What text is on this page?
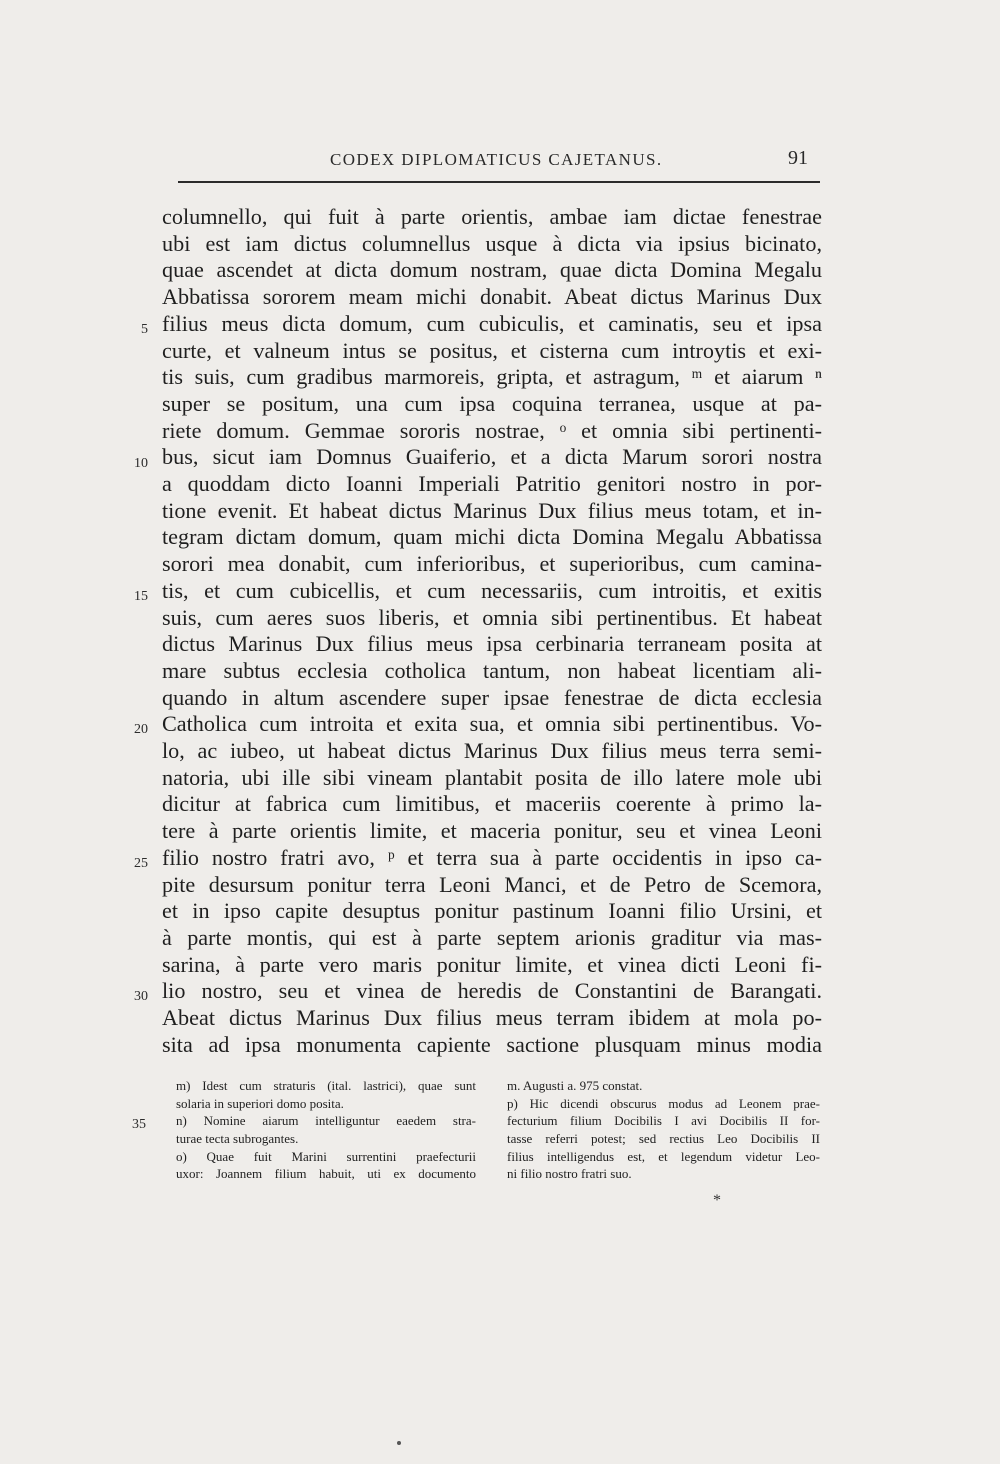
CODEX DIPLOMATICUS CAJETANUS.	91
5
10
15
20
25
30
columnello, qui fuit à parte orientis, ambae iam dictae fenestrae
ubi est iam dictus columnellus usque à dicta via ipsius bicinato,
quae ascendet at dicta domum nostram, quae dicta Domina Megalu
Abbatissa sororem meam michi donabit. Abeat dictus Marinus Dux
filius meus dicta domum, cum cubiculis, et caminatis, seu et ipsa
curte, et valneum intus se positus, et cisterna cum introytis et exi-
tis suis, cum gradibus marmoreis, gripta, et astragum, ᵐ et aiarum ⁿ
super se positum, una cum ipsa coquina terranea, usque at pa-
riete domum. Gemmae sororis nostrae, ᵒ et omnia sibi pertinenti-
bus, sicut iam Domnus Guaiferio, et a dicta Marum sorori nostra
a quoddam dicto Ioanni Imperiali Patritio genitori nostro in por-
tione evenit. Et habeat dictus Marinus Dux filius meus totam, et in-
tegram dictam domum, quam michi dicta Domina Megalu Abbatissa
sorori mea donabit, cum inferioribus, et superioribus, cum camina-
tis, et cum cubicellis, et cum necessariis, cum introitis, et exitis
suis, cum aeres suos liberis, et omnia sibi pertinentibus. Et habeat
dictus Marinus Dux filius meus ipsa cerbinaria terraneam posita at
mare subtus ecclesia cotholica tantum, non habeat licentiam ali-
quando in altum ascendere super ipsae fenestrae de dicta ecclesia
Catholica cum introita et exita sua, et omnia sibi pertinentibus. Vo-
lo, ac iubeo, ut habeat dictus Marinus Dux filius meus terra semi-
natoria, ubi ille sibi vineam plantabit posita de illo latere mole ubi
dicitur at fabrica cum limitibus, et maceriis coerente à primo la-
tere à parte orientis limite, et maceria ponitur, seu et vinea Leoni
filio nostro fratri avo, ᵖ et terra sua à parte occidentis in ipso ca-
pite desursum ponitur terra Leoni Manci, et de Petro de Scemora,
et in ipso capite desuptus ponitur pastinum Ioanni filio Ursini, et
à parte montis, qui est à parte septem arionis graditur via mas-
sarina, à parte vero maris ponitur limite, et vinea dicti Leoni fi-
lio nostro, seu et vinea de heredis de Constantini de Barangati.
Abeat dictus Marinus Dux filius meus terram ibidem at mola po-
sita ad ipsa monumenta capiente sactione plusquam minus modia
35
m) Idest cum straturis (ital. lastrici), quae sunt
solaria in superiori domo posita.
n) Nomine aiarum intelliguntur eaedem stra-
turae tecta subrogantes.
o) Quae fuit Marini surrentini praefecturii
uxor: Joannem filium habuit, uti ex documento
m. Augusti a. 975 constat.
p) Hic dicendi obscurus modus ad Leonem prae-
fecturium filium Docibilis I avi Docibilis II for-
tasse referri potest; sed rectius Leo Docibilis II
filius intelligendus est, et legendum videtur Leo-
ni filio nostro fratri suo.
*
